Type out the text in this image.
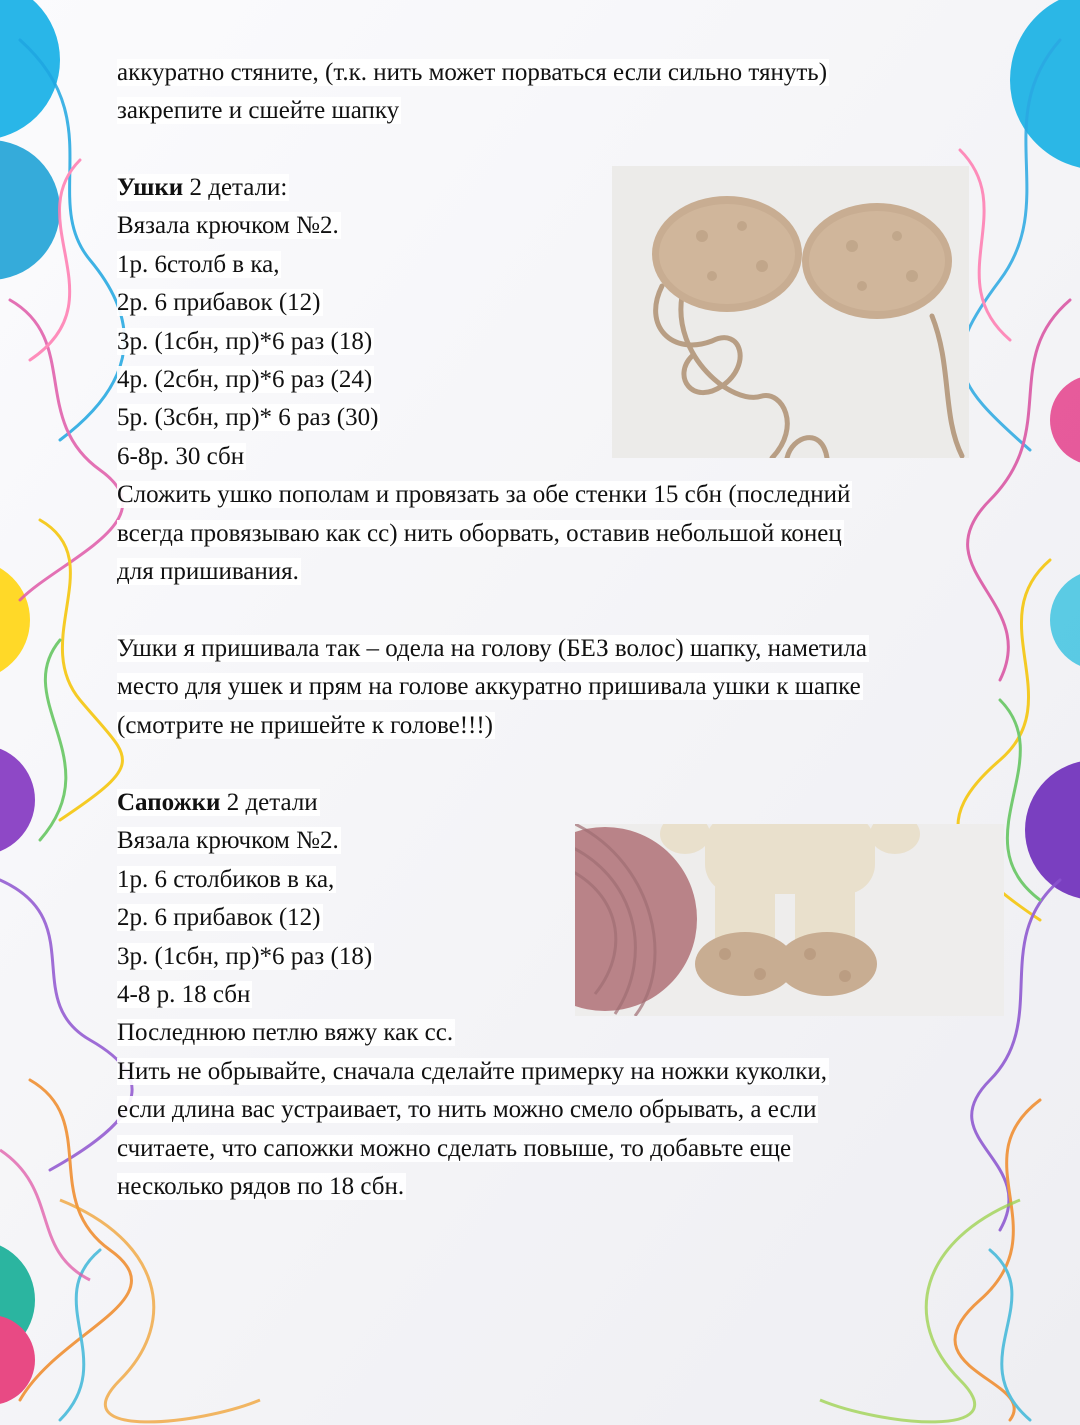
аккуратно стяните, (т.к. нить может порваться если сильно тянуть)
закрепите и сшейте шапку
Ушки 2 детали:
Вязала крючком №2.
1р. 6столб в ка,
2р. 6 прибавок (12)
3р. (1сбн, пр)*6 раз (18)
4р. (2сбн, пр)*6 раз (24)
5р. (3сбн, пр)* 6 раз (30)
6-8р. 30 сбн
Сложить ушко пополам и провязать за обе стенки 15 сбн (последний
всегда провязываю как сс) нить оборвать, оставив небольшой конец
для пришивания.
Ушки я пришивала так – одела на голову (БЕЗ волос) шапку, наметила
место для ушек и прям на голове аккуратно пришивала ушки к шапке
(смотрите не пришейте к голове!!!)
Сапожки 2 детали
Вязала крючком №2.
1р. 6 столбиков в ка,
2р. 6 прибавок (12)
3р. (1сбн, пр)*6 раз (18)
4-8 р. 18 сбн
Последнюю петлю вяжу как сс.
Нить не обрывайте, сначала сделайте примерку на ножки куколки,
если длина вас устраивает, то нить можно смело обрывать, а если
считаете, что сапожки можно сделать повыше, то добавьте еще
несколько рядов по 18 сбн.
